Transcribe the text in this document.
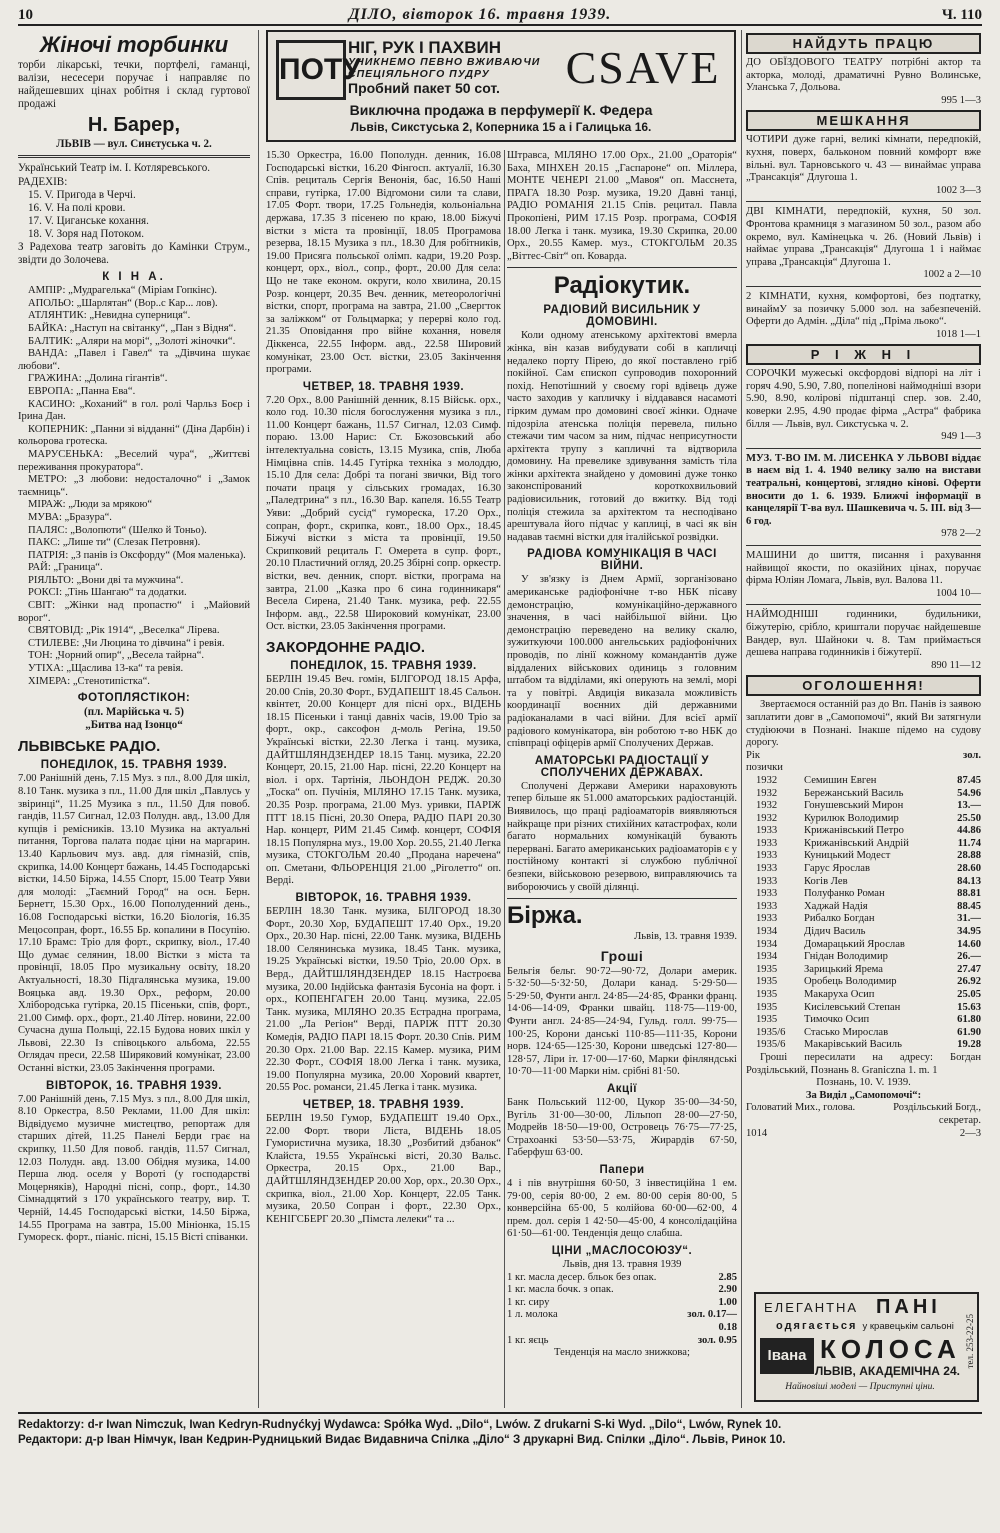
10	ДІЛО, вівторок 16. травня 1939.	Ч. 110
Жіночі торбинки

торби лікарські, течки, портфелі, гаманці, валізи, несесери поручає і направляє по найдешевших цінах робітня і склад гуртової продажі

Н. Барер,

ЛЬВІВ — вул. Синєтуська ч. 2.

Український Театр ім. І. Котляревського.

РАДЕХІВ:

15. V. Пригода в Черчі.

16. V. На полі крови.

17. V. Циганське кохання.

18. V. Зоря над Потоком.

З Радехова театр заговіть до Камінки Струм., звідти до Золочева.

К І Н А.

АМПІР: „Мудрагелька“ (Міріам Гопкінс).

АПОЛЬО: „Шарлятан“ (Вор..с Кар... лов).

АТЛЯНТИК: „Невидна суперниця“.

БАЙКА: „Наступ на світанку“, „Пан з Відня“.

БАЛТИК: „Аляри на морі“, „Золоті жіночки“.

ВАНДА: „Павел і Гавел“ та „Дівчина шукає любови“.

ГРАЖИНА: „Долина гігантів“.

ЕВРОПА: „Панна Ева“.

КАСИНО: „Коханий“ в гол. ролі Чарльз Боєр і Ірина Дан.

КОПЕРНИК: „Панни зі відданні“ (Діна Дарбін) і кольорова гротеска.

МАРУСЕНЬКА: „Веселий чура“, „Життєві переживання прокуратора“.

МЕТРО: „З любови: недосталочно“ і „Замок таємниць“.

МІРАЖ: „Люди за мрякою“

МУВА: „Бразура“.

ПАЛЯС: „Волопюти“ (Шелко й Тоньо).

ПАКС: „Лише ти“ (Слезак Петровня).

ПАТРІЯ: „З панів із Оксфорду“ (Моя маленька).

РАЙ: „Граница“.

РІЯЛЬТО: „Вони дві та мужчина“.

РОКСІ: „Тінь Шангаю“ та додатки.

СВІТ: „Жінки над пропастю“ і „Майовий ворог“.

СВЯТОВІД: „Рік 1914“, „Веселка“ Лірева.

СТИЛЕВЕ: „Чи Люцина то дівчина“ і ревія.

ТОН: „Чорний опир“, „Весела тайрна“.

УТІХА: „Щаслива 13-ка“ та ревія.

ХІМЕРА: „Стенотипістка“.

ФОТОПЛЯСТІКОН:

(пл. Марійська ч. 5)

„Битва над Ізонцо“

ЛЬВІВСЬКЕ РАДІО.
ПОНЕДІЛОК, 15. ТРАВНЯ 1939.

7.00 Ранішній день, 7.15 Муз. з пл., 8.00 Для шкіл, 8.10 Танк. музика з пл., 11.00 Для шкіл „Павлусь у звіринці“, 11.25 Музика з пл., 11.50 Для повоб. гандів, 11.57 Сигнал, 12.03 Полудн. авд., 13.00 Для купців і ремісників. 13.10 Музика на актуальні питання, Торгова палата подає ціни на маргарин. 13.40 Карльович муз. авд. для гімназій, спів, скрипка, 14.00 Концерт бажань, 14.45 Господарські вістки, 14.50 Біржа, 14.55 Спорт, 15.00 Театр Уяви для молоді: „Таємний Город“ на осн. Берн. Бернетт, 15.30 Орх., 16.00 Пополуденний день., 16.08 Господарські вістки, 16.20 Біологія, 16.35 Мецосопран, форт., 16.55 Бр. копалини в Посупію. 17.10 Брамс: Тріо для форт., скрипку, віол., 17.40 Що думає селянин, 18.00 Вістки з міста та провінції, 18.05 Про музикальну освіту, 18.20 Актуальності, 18.30 Підгалянська музика, 19.00 Вояцька авд. 19.30 Орх., реформ, 20.00 Хлібородська гутірка, 20.15 Пісеньки, спів, форт., 21.00 Симф. орх., форт., 21.40 Літер. новини, 22.00 Сучасна душа Польщі, 22.15 Будова нових шкіл у Львові, 22.30 Із співоцького альбома, 22.55 Оглядач преси, 22.58 Ширяковий комунікат, 23.00 Останні вістки, 23.05 Закінчення програми.

ВІВТОРОК, 16. ТРАВНЯ 1939.

7.00 Ранішній день, 7.15 Муз. з пл., 8.00 Для шкіл, 8.10 Оркестра, 8.50 Реклами, 11.00 Для шкіл: Відвідуємо музичне мистецтво, репортаж для старших дітей, 11.25 Панелі Берди грає на скрипку, 11.50 Для повоб. гандів, 11.57 Сигнал, 12.03 Полудн. авд. 13.00 Обідня музика, 14.00 Перша люд. оселя у Вороті (у господарстві Моцерняків), Народні пісні, сопр., форт., 14.30 Сімнадцятий з 170 українського театру, вир. Т. Черній, 14.45 Господарські вістки, 14.50 Біржа, 14.55 Програма на завтра, 15.00 Мініонка, 15.15 Гумореск. форт., піаніс. пісні, 15.15 Вісті співанки.

ПОТУ
НІГ, РУК І ПАХВИН
УНИКНЕМО ПЕВНО ВЖИВАЮЧИ СПЕЦІЯЛЬНОГО ПУДРУ
Пробний пакет 50 сот.	CSAVE
Виключна продажа в перфумерії К. Федера
Львів, Сикстуська 2, Коперника 15 а і Галицька 16.

15.30 Оркестра, 16.00 Пополудн. денник, 16.08 Господарські вістки, 16.20 Фінгосп. актуалії, 16.30 Спів. рециталь Сергія Венонія, бас, 16.50 Наші справи, гутірка, 17.00 Відгомони сили та слави, 17.05 Форт. твори, 17.25 Гольнедія, кольоніальна держава, 17.35 З пісенею по краю, 18.00 Біжучі вістки з міста та провінції, 18.05 Програмова резерва, 18.15 Музика з пл., 18.30 Для робітників, 19.00 Присяга польської олімп. кадри, 19.20 Розр. концерт, орх., віол., сопр., форт., 20.00 Для села: Що не таке економ. округи, коло хвилина, 20.15 Розр. концерт, 20.35 Веч. денник, метеорологічні вістки, спорт, програма на завтра, 21.00 „Свергток за заліжком“ от Гольцмарка; у перерві коло год. 21.35 Оповідання про війне кохання, новеля Діккенса, 22.55 Інформ. авд., 22.58 Шировий комунікат, 23.00 Ост. вістки, 23.05 Закінчення програми.

ЧЕТВЕР, 18. ТРАВНЯ 1939.

7.20 Орх., 8.00 Ранішній денник, 8.15 Військ. орх., коло год. 10.30 після богослуження музика з пл., 11.00 Концерт бажань, 11.57 Сигнал, 12.03 Симф. пораю. 13.00 Нарис: Ст. Бжозовський або інтелектуальна совість, 13.15 Музика, спів, Люба Німцівна спів. 14.45 Гутірка техніка з молоддю, 15.10 Для села: Добрі та погані звички, Від того почати праця у сільських громадах, 16.30 „Паледтрина“ з пл., 16.30 Вар. капеля. 16.55 Театр Уяви: „Добрий сусід“ гумореска, 17.20 Орх., сопран, форт., скрипка, ковт., 18.00 Орх., 18.45 Біжучі вістки з міста та провінції, 19.50 Скрипковий рециталь Г. Омерета в супр. форт., 20.10 Пластичний огляд, 20.25 Збірні сопр. оркестр. вістки, веч. денник, спорт. вістки, програма на завтра, 21.00 „Казка про 6 сина годинникаря“ Весела Сирена, 21.40 Танк. музика, реф. 22.55 Інформ. авд., 22.58 Широковий комунікат, 23.00 Ост. вістки, 23.05 Закінчення програми.

ЗАКОРДОННЕ РАДІО.
ПОНЕДІЛОК, 15. ТРАВНЯ 1939.

БЕРЛІН 19.45 Веч. гомін, БІЛГОРОД 18.15 Арфа, 20.00 Спів, 20.30 Форт., БУДАПЕШТ 18.45 Сальон. квінтет, 20.00 Концерт для пісні орх., ВІДЕНЬ 18.15 Пісеньки і танці давніх часів, 19.00 Тріо за форт., окр., саксофон д-моль Регіна, 19.50 Українські вістки, 22.30 Легка і танц. музика, ДАЙТШЛЯНДЗЕНДЕР 18.15 Танц. музика, 22.20 Концерт, 20.15, 21.00 Нар. пісні, 22.20 Концерт на віол. і орх. Тартінія, ЛЬОНДОН РЕДЖ. 20.30 „Тоска“ оп. Пучінія, МІЛЯНО 17.15 Танк. музика, 20.35 Розр. програма, 21.00 Муз. уривки, ПАРІЖ ПТТ 18.15 Пісні, 20.30 Опера, РАДІО ПАРІ 20.30 Нар. концерт, РИМ 21.45 Симф. концерт, СОФІЯ 18.15 Популярна муз., 19.00 Хор. 20.55, 21.40 Легка музика, СТОКГОЛЬМ 20.40 „Продана наречена“ оп. Сметани, ФЛЬОРЕНЦІЯ 21.00 „Ріголетто“ оп. Верді.

ВІВТОРОК, 16. ТРАВНЯ 1939.

БЕРЛІН 18.30 Танк. музика, БІЛГОРОД 18.30 Форт., 20.30 Хор, БУДАПЕШТ 17.40 Орх., 19.20 Орх., 20.30 Нар. пісні, 22.00 Танк. музика, ВІДЕНЬ 18.00 Селянинська музика, 18.45 Танк. музика, 19.25 Українські вістки, 19.50 Тріо, 20.00 Орх. в Верд., ДАЙТШЛЯНДЗЕНДЕР 18.15 Настроєва музика, 20.00 Індійська фантазія Бусоніа на форт. і орх., КОПЕНГАГЕН 20.00 Танц. музика, 22.05 Танк. музика, МІЛЯНО 20.35 Естрадна програма, 21.00 „Ла Регіон“ Верді, ПАРІЖ ПТТ 20.30 Комедія, РАДІО ПАРІ 18.15 Форт. 20.30 Спів. РИМ 20.30 Орх. 21.00 Вар. 22.15 Камер. музика, РИМ 22.30 Форт., СОФІЯ 18.00 Легка і танк. музика, 19.00 Популярна музика, 20.00 Хоровий квартет, 20.55 Рос. романси, 21.45 Легка і танк. музика.

ЧЕТВЕР, 18. ТРАВНЯ 1939.

БЕРЛІН 19.50 Гумор, БУДАПЕШТ 19.40 Орх., 22.00 Форт. твори Ліста, ВІДЕНЬ 18.05 Гумористична музика, 18.30 „Розбитий дзбанок“ Клайста, 19.55 Українські вісті, 20.30 Вальс. Оркестра, 20.15 Орх., 21.00 Вар., ДАЙТШЛЯНДЗЕНДЕР 20.00 Хор, орх., 20.30 Орх., скрипка, віол., 21.00 Хор. Концерт, 22.05 Танк. музика, 20.50 Сопран і форт., 22.30 Орх., КЕНІГСБЕРГ 20.30 „Пімста лелеки“ та ...

Штравса, МІЛЯНО 17.00 Орх., 21.00 „Ораторія“ Баха, МІНХЕН 20.15 „Гаспароне“ оп. Міллера, МОНТЕ ЧЕНЕРІ 21.00 „Мавоя“ оп. Масснета, ПРАГА 18.30 Розр. музика, 19.20 Давні танці, РАДІО РОМАНІЯ 21.15 Спів. рецитал. Павла Прокопіені, РИМ 17.15 Розр. програма, СОФІЯ 18.00 Легка і танк. музика, 19.30 Скрипка, 20.00 Орх., 20.55 Камер. муз., СТОКГОЛЬМ 20.35 „Віттес-Світ“ оп. Коварда.

Радіокутик.
РАДІОВИЙ ВИСИЛЬНИК У ДОМОВИНІ.

Коли одному атенському архітектові вмерла жінка, він казав вибудувати собі в капличці недалеко порту Пірею, до якої поставлено гріб покійної. Сам єпископ супроводив похоронний похід. Непотішний у своєму горі вдівець дуже часто заходив у капличку і віддавався насамоті гірким думам про домовині своєї жінки. Одначе підозріла атенська поліція перевела, пильно стежачи тим часом за ним, підчас неприсутности архітекта трупу з капличні та відтворила домовину. На превелике здивування замість тіла жінки архітекта знайдено у домовині дуже тонко законспірований короткохвильовий радіовисильник, готовий до вжитку. Від тоді поліція стежила за архітектом та несподівано арештувала його підчас у каплиці, в часі як він надавав таємні вістки для італійської розвідки.

РАДІОВА КОМУНІКАЦІЯ В ЧАСІ ВІЙНИ.

У зв'язку із Днем Армії, зорганізовано американське радіофонічне т-во НБК пісаву демонстрацію, комунікаційно-державного значення, в часі найбільшої війни. Цю демонстрацію переведено на велику скалю, зужиткуючи 100.000 ангельських радіофонічних проводів, по лінії кожному командантів дуже віддалених військових одиниць з головним штабом та відділами, які оперують на землі, морі та у повітрі. Авдиція виказала можливість координації воєнних дій державними радіоканалами в часі війни. Для всієї армії радіового комунікатора, він роботою т-во НБК до співпраці офіцерів армії Сполучених Держав.

АМАТОРСЬКІ РАДІОСТАЦІЇ У СПОЛУЧЕНИХ ДЕРЖАВАХ.

Сполучені Держави Америки нараховують тепер більше як 51.000 аматорських радіостанцій. Виявилось, що праці радіоаматорів виявляються найкраще при різних стихійних катастрофах, коли багато нормальних комунікацій бувають перервані. Багато американських радіоаматорів є у постійному контакті зі службою публічної безпеки, військовою резервою, виправляючись та вибороючись у своїй ділянці.

Біржа.

Львів, 13. травня 1939.

Гроші

Бельгія бельг. 90·72—90·72, Долари америк. 5·32·50—5·32·50, Долари канад. 5·29·50—5·29·50, Фунти англ. 24·85—24·85, Франки франц. 14·06—14·09, Франки швайц. 118·75—119·00, Фунти англ. 24·85—24·94, Гульд. голл. 99·75—100·25, Корони данські 110·85—111·35, Корони норв. 124·65—125·30, Корони шведські 127·80—128·57, Ліри іт. 17·00—17·60, Марки фінляндські 10·70—11·00 Марки нім. срібні 81·50.

Акції

Банк Польський 112·00, Цукор 35·00—34·50, Вугіль 31·00—30·00, Лільпоп 28·00—27·50, Модрейв 18·50—19·00, Островець 76·75—77·25, Страхоанкі 53·50—53·75, Жирардів 67·50, Габерфуш 63·00.

Папери

4 і пів внутрішня 60·50, 3 інвестиційна 1 ем. 79·00, серія 80·00, 2 ем. 80·00 серія 80·00, 5 конверсійна 65·00, 5 колійова 60·00—62·00, 4 прем. дол. серія 1 42·50—45·00, 4 консолідаційна 61·50—61·00. Тенденція дещо слабша.

ЦІНИ „МАСЛОСОЮЗУ“.

Львів, дня 13. травня 1939

1 кг. масла десер. бльок без опак.	2.85
1 кг. масла бочк. з опак.	2.90
1 кг. сиру	1.00
1 л. молока	зол. 0.17—0.18
1 кг. яєць	зол. 0.95

Тенденція на масло знижкова;

НАЙДУТЬ ПРАЦЮ

ДО ОБЇЗДОВОГО ТЕАТРУ потрібні актор та акторка, молоді, драматичні Рувно Волинське, Уланська 7, Дольова.

995 1—3

МЕШКАННЯ

ЧОТИРИ дуже гарні, великі кімнати, передпокій, кухня, поверх, бальконом повний комфорт вже вільні. вул. Тарновського ч. 43 — винаймає управа „Трансакція“ Длугоша 1.

1002 3—3

ДВІ КІМНАТИ, передпокій, кухня, 50 зол. Фронтова крамниця з магазином 50 зол., разом або окремо, вул. Камінецька ч. 26. (Новий Львів) і наймає управа „Трансакція“ Длугоша 1 і наймає управа „Трансакція“ Длугоша 1.

1002 a 2—10

2 КІМНАТИ, кухня, комфортові, без подтатку, винаймУ за позичку 5.000 зол. на забезпеченій. Оферти до Адмін. „Діла“ під „Пріма льоко“.

1018 1—1

Р І Ж Н І

СОРОЧКИ мужеські оксфордові відпорі на літ і горяч 4.90, 5.90, 7.80, попелінові наймодніші взори 5.90, 8.90, колірові підштанці спер. зов. 2.40, коверки 2.95, 4.90 продає фірма „Астра“ фабрика білля — Львів, вул. Сикстуська ч. 2.

949 1—3

МУЗ. Т-ВО ІМ. М. ЛИСЕНКА У ЛЬВОВІ віддає в наєм від 1. 4. 1940 велику залю на вистави театральні, концертові, зглядно кінові. Оферти вносити до 1. 6. 1939. Ближчі інформації в канцелярії Т-ва вул. Шашкевича ч. 5. ІІІ. від 3—6 год.

978 2—2

МАШИНИ до шиття, писання і рахування найвищої якости, по оказійних цінах, поручає фірма Юліян Ломага, Львів, вул. Валова 11.

1004 10—

НАЙМОДНІШІ годинники, будильники, біжутерію, срібло, криштали поручає найдешевше Вандер, вул. Шайноки ч. 8. Там приймається дешева направа годинників і біжутерії.

890 11—12

ОГОЛОШЕННЯ!

Звертаємося останній раз до Вп. Панів із заявою заплатити довг в „Самопомочі“, який Ви затягнули студіюючи в Познані. Інакше підемо на судову дорогу.

Рік позички
зол.
1932	Семишин Евген	87.45
1932	Бережанський Василь	54.96
1932	Гонушевський Мирон	13.—
1932	Курилюк Володимир	25.50
1933	Крижанівський Петро	44.86
1933	Крижанівський Андрій	11.74
1933	Куницький Модест	28.88
1933	Гарус Ярослав	28.60
1933	Когів Лев	84.13
1933	Полуфанко Роман	88.81
1933	Хаджай Надія	88.45
1933	Рибалко Богдан	31.—
1934	Дідич Василь	34.95
1934	Домарацький Ярослав	14.60
1934	Гнідан Володимир	26.—
1935	Зарицький Ярема	27.47
1935	Оробець Володимир	26.92
1935	Макаруха Осип	25.05
1935	Кисілевський Степан	15.63
1935	Тимочко Осип	61.80
1935/6	Стасько Мирослав	61.90
1935/6	Макарівський Василь	19.28

Гроші пересилати на адресу: Богдан Роздільський, Познань 8. Graniczna 1. m. 1

Познань, 10. V. 1939.

За Виділ „Самопомочі“:

Головатий Мих., голова.	Роздільський Богд., секретар.
1014	2—3
ЕЛЕГАНТНА ПАНІ
одягається у кравецькім сальоні
Івана КОЛОСА
ЛЬВІВ, АКАДЕМІЧНА 24.
Найновіші моделі — Приступні ціни.
тел. 253-22-25
Redaktorzy: d-r Iwan Nimczuk, Iwan Kedryn-Rudnyćkyj Wydawca: Spółka Wyd. „Dilo“, Lwów. Z drukarni S-ki Wyd. „Dilo“, Lwów, Rynek 10.
Редактори: д-р Іван Німчук, Іван Кедрин-Рудницький Видає Видавнича Спілка „Діло“ З друкарні Вид. Спілки „Діло“. Львів, Ринок 10.
